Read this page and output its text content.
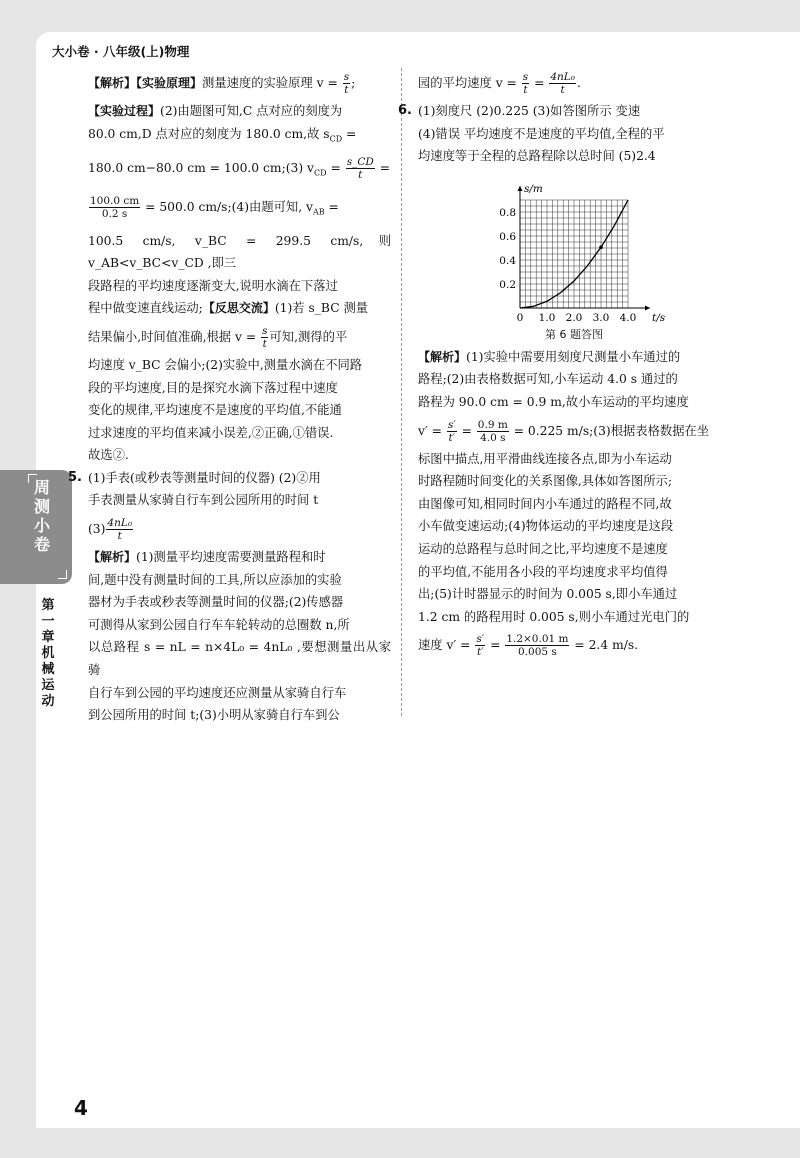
大小卷 · 八年级(上)物理
周测小卷
第一章 机械运动

【解析】【实验原理】测量速度的实验原理 $v = \frac{s}{t}$ ;

【实验过程】(2)由题图可知,C 点对应的刻度为

80.0 cm,D 点对应的刻度为 180.0 cm,故 $s_{CD}$ =

180.0 cm−80.0 cm = 100.0 cm;(3) $v_{CD} = \frac{s\_CD}{t}$ =

$\frac{100.0 cm}{0.2 s} = 500.0$ cm/s;(4)由题可知, $v_{AB}$ =

100.5 cm/s, v_BC = 299.5 cm/s,则 v_AB<v_BC<v_CD ,即三

段路程的平均速度逐渐变大,说明水滴在下落过

程中做变速直线运动;【反思交流】(1)若 s_BC 测量

结果偏小,时间值准确,根据 $v = \frac{s}{t}$ 可知,测得的平

均速度 v_BC 会偏小;(2)实验中,测量水滴在不同路

段的平均速度,目的是探究水滴下落过程中速度

变化的规律,平均速度不是速度的平均值,不能通

过求速度的平均值来减小误差,②正确,①错误.

故选②.

5. (1)手表(或秒表等测量时间的仪器) (2)②用

手表测量从家骑自行车到公园所用的时间 t

$(3) \frac{\text{4nL₀}}{t}$

【解析】(1)测量平均速度需要测量路程和时

间,题中没有测量时间的工具,所以应添加的实验

器材为手表或秒表等测量时间的仪器;(2)传感器

可测得从家到公园自行车车轮转动的总圈数 n,所

以总路程 s = nL = n×4L₀ = 4nL₀ ,要想测量出从家骑

自行车到公园的平均速度还应测量从家骑自行车

到公园所用的时间 t;(3)小明从家骑自行车到公

园的平均速度 $v = \frac{s}{t} = \frac{\text{4nL₀}}{t}$ .

6. (1)刻度尺 (2)0.225 (3)如答图所示 变速

(4)错误 平均速度不是速度的平均值,全程的平

均速度等于全程的总路程除以总时间 (5)2.4

【解析】(1)实验中需要用刻度尺测量小车通过的

路程;(2)由表格数据可知,小车运动 4.0 s 通过的

路程为 90.0 cm = 0.9 m,故小车运动的平均速度

$v' = \frac{s'}{t'} = \frac{0.9 m}{4.0 s} = 0.225$ m/s;(3)根据表格数据在坐

标图中描点,用平滑曲线连接各点,即为小车运动

时路程随时间变化的关系图像,具体如答图所示;

由图像可知,相同时间内小车通过的路程不同,故

小车做变速运动;(4)物体运动的平均速度是这段

运动的总路程与总时间之比,平均速度不是速度

的平均值,不能用各小段的平均速度求平均值得

出;(5)计时器显示的时间为 0.005 s,即小车通过

1.2 cm 的路程用时 0.005 s,则小车通过光电门的

速度 $v' = \frac{s'}{t'} = \frac{1.2\times 0.01 m}{0.005 s} = 2.4$ m/s.

0 1.0 2.0 3.0 4.0
0.2
0.4
0.6
0.8
t/s
s/m
第 6 题答图
4
